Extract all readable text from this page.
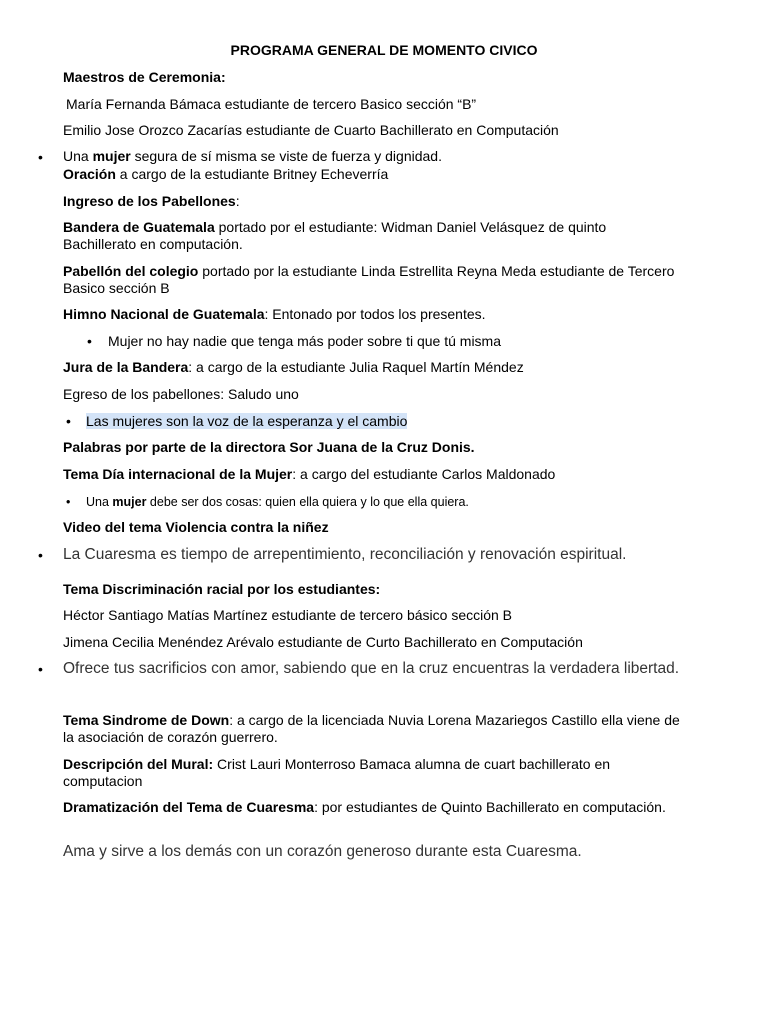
PROGRAMA GENERAL DE MOMENTO CIVICO
Maestros de Ceremonia:
María Fernanda Bámaca estudiante de tercero Basico sección “B”
Emilio Jose Orozco Zacarías estudiante de Cuarto Bachillerato en Computación
• Una mujer segura de sí misma se viste de fuerza y dignidad.
Oración a cargo de la estudiante Britney Echeverría
Ingreso de los Pabellones:
Bandera de Guatemala portado por el estudiante: Widman Daniel Velásquez de quinto Bachillerato en computación.
Pabellón del colegio portado por la estudiante Linda Estrellita Reyna Meda estudiante de Tercero Basico sección B
Himno Nacional de Guatemala: Entonado por todos los presentes.
• Mujer no hay nadie que tenga más poder sobre ti que tú misma
Jura de la Bandera: a cargo de la estudiante Julia Raquel Martín Méndez
Egreso de los pabellones: Saludo uno
• Las mujeres son la voz de la esperanza y el cambio
Palabras por parte de la directora Sor Juana de la Cruz Donis.
Tema Día internacional de la Mujer: a cargo del estudiante Carlos Maldonado
• Una mujer debe ser dos cosas: quien ella quiera y lo que ella quiera.
Video del tema Violencia contra la niñez
• La Cuaresma es tiempo de arrepentimiento, reconciliación y renovación espiritual.
Tema Discriminación racial por los estudiantes:
Héctor Santiago Matías Martínez estudiante de tercero básico sección B
Jimena Cecilia Menéndez Arévalo estudiante de Curto Bachillerato en Computación
• Ofrece tus sacrificios con amor, sabiendo que en la cruz encuentras la verdadera libertad.
Tema Sindrome de Down: a cargo de la licenciada Nuvia Lorena Mazariegos Castillo ella viene de la asociación de corazón guerrero.
Descripción del Mural: Crist Lauri Monterroso Bamaca alumna de cuart bachillerato en computacion
Dramatización del Tema de Cuaresma: por estudiantes de Quinto Bachillerato en computación.
Ama y sirve a los demás con un corazón generoso durante esta Cuaresma.
